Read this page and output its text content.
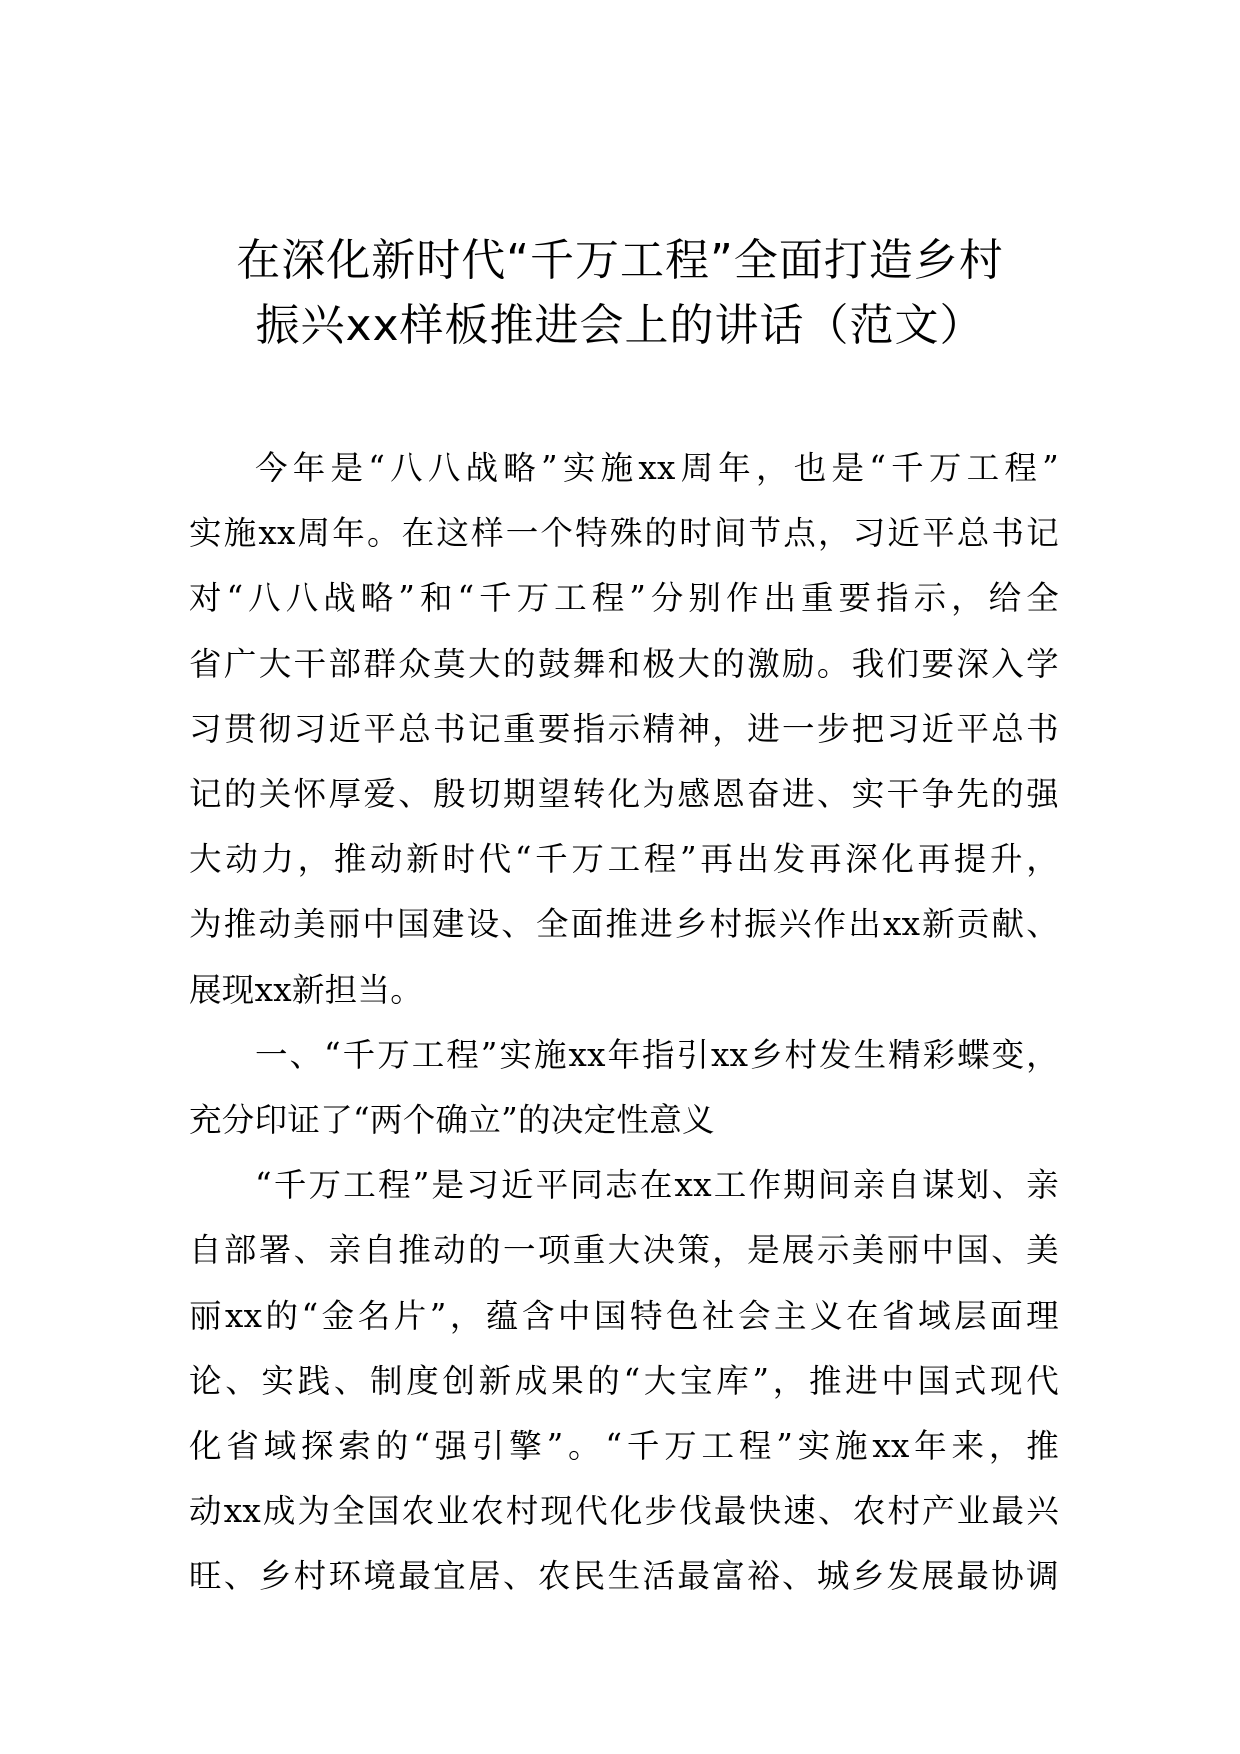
在深化新时代“千万工程”全面打造乡村
振兴xx样板推进会上的讲话（范文）
今年是“八八战略”实施xx周年，也是“千万工程”
实施xx周年。在这样一个特殊的时间节点，习近平总书记
对“八八战略”和“千万工程”分别作出重要指示，给全
省广大干部群众莫大的鼓舞和极大的激励。我们要深入学
习贯彻习近平总书记重要指示精神，进一步把习近平总书
记的关怀厚爱、殷切期望转化为感恩奋进、实干争先的强
大动力，推动新时代“千万工程”再出发再深化再提升，
为推动美丽中国建设、全面推进乡村振兴作出xx新贡献、
展现xx新担当。
一、“千万工程”实施xx年指引xx乡村发生精彩蝶变，
充分印证了“两个确立”的决定性意义
“千万工程”是习近平同志在xx工作期间亲自谋划、亲
自部署、亲自推动的一项重大决策，是展示美丽中国、美
丽xx的“金名片”，蕴含中国特色社会主义在省域层面理
论、实践、制度创新成果的“大宝库”，推进中国式现代
化省域探索的“强引擎”。“千万工程”实施xx年来，推
动xx成为全国农业农村现代化步伐最快速、农村产业最兴
旺、乡村环境最宜居、农民生活最富裕、城乡发展最协调
